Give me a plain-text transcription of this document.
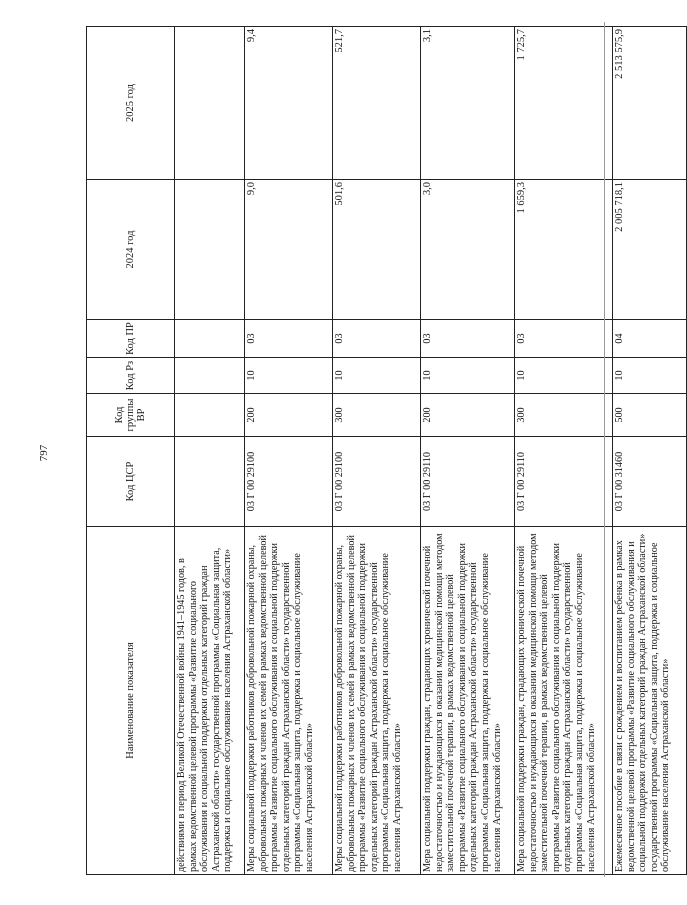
797
Наименование показателя	Код ЦСР	Код группы ВР	Код Рз	Код ПР	2024 год	2025 год
действиями в период Великой Отечественной войны 1941–1945 годов, в рамках ведомственной целевой программы «Развитие социального обслуживания и социальной поддержки отдельных категорий граждан Астраханской области» государственной программы «Социальная защита, поддержка и социальное обслуживание населения Астраханской области»						
Меры социальной поддержки работников добровольной пожарной охраны, добровольных пожарных и членов их семей в рамках ведомственной целевой программы «Развитие социального обслуживания и социальной поддержки отдельных категорий граждан Астраханской области» государственной программы «Социальная защита, поддержка и социальное обслуживание населения Астраханской области»	03 Г 00 29100	200	10	03	9,0	9,4
Меры социальной поддержки работников добровольной пожарной охраны, добровольных пожарных и членов их семей в рамках ведомственной целевой программы «Развитие социального обслуживания и социальной поддержки отдельных категорий граждан Астраханской области» государственной программы «Социальная защита, поддержка и социальное обслуживание населения Астраханской области»	03 Г 00 29100	300	10	03	501,6	521,7
Мера социальной поддержки граждан, страдающих хронической почечной недостаточностью и нуждающихся в оказании медицинской помощи методом заместительной почечной терапии, в рамках ведомственной целевой программы «Развитие социального обслуживания и социальной поддержки отдельных категорий граждан Астраханской области» государственной программы «Социальная защита, поддержка и социальное обслуживание населения Астраханской области»	03 Г 00 29110	200	10	03	3,0	3,1
Мера социальной поддержки граждан, страдающих хронической почечной недостаточностью и нуждающихся в оказании медицинской помощи методом заместительной почечной терапии, в рамках ведомственной целевой программы «Развитие социального обслуживания и социальной поддержки отдельных категорий граждан Астраханской области» государственной программы «Социальная защита, поддержка и социальное обслуживание населения Астраханской области»	03 Г 00 29110	300	10	03	1 659,3	1 725,7
Ежемесячное пособие в связи с рождением и воспитанием ребенка в рамках ведомственной целевой программы «Развитие социального обслуживания и социальной поддержки отдельных категорий граждан Астраханской области» государственной программы «Социальная защита, поддержка и социальное обслуживание населения Астраханской области»	03 Г 00 31460	500	10	04	2 005 718,1	2 513 575,9
